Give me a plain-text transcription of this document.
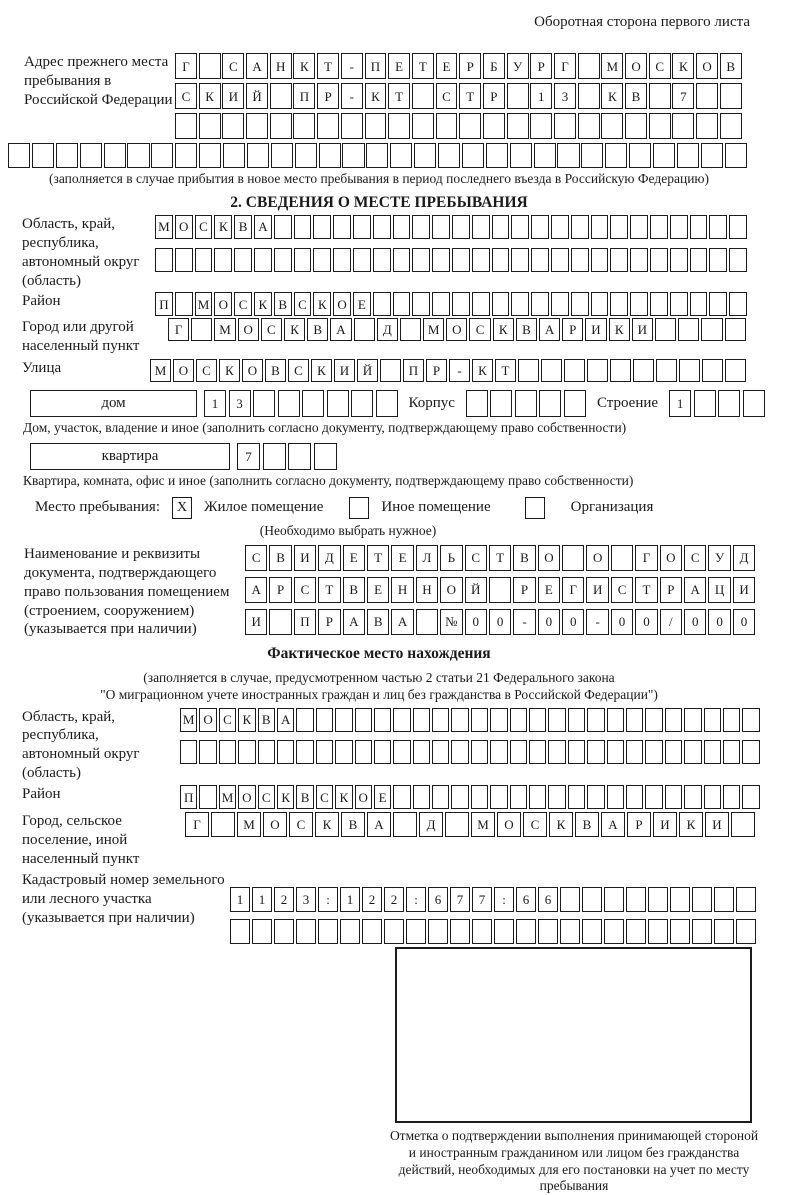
Оборотная сторона первого листа
Адрес прежнего места пребывания в Российской Федерации
Г	С	А	Н	К	Т	-	П	Е	Т	Е	Р	Б	У	Р	Г	М	О	С	К	О	В
С	К	И	Й	П	Р	-	К	Т	С	Т	Р	1	3	К	В	7
(заполняется в случае прибытия в новое место пребывания в период последнего въезда в Российскую Федерацию)
2. СВЕДЕНИЯ О МЕСТЕ ПРЕБЫВАНИЯ
Область, край, республика, автономный округ (область)
М О С К В А
Район	П	М О С К В С К О Е
Город или другой населенный пункт
Г	М О	С	К	В	А	Д	М О	С	К	В	А	Р	И	К	И
Улица	М О	С	К	О	В	С	К	И	Й	П	Р	-	К	Т
дом	1	3	Корпус	Строение	1
Дом, участок, владение и иное (заполнить согласно документу, подтверждающему право собственности)
квартира	7
Квартира, комната, офис и иное (заполнить согласно документу, подтверждающему право собственности)
Место пребывания:	X	Жилое помещение	Иное помещение	Организация
(Необходимо выбрать нужное)
Наименование и реквизиты документа, подтверждающего право пользования помещением (строением, сооружением) (указывается при наличии)
С	В	И	Д	Е	Т	Е	Л	Ь	С	Т	В	О	О	Г	О	С	У	Д
А	Р	С	Т	В	Е	Н	Н	О	Й	Р	Е	Г	И	С	Т	Р	А	Ц	И
И	П	Р	А	В	А	№	0	0	-	0	0	-	0	0	/	0	0	0
Фактическое место нахождения
(заполняется в случае, предусмотренном частью 2 статьи 21 Федерального закона
"О миграционном учете иностранных граждан и лиц без гражданства в Российской Федерации")
Область, край, республика, автономный округ (область)
М О С К В А
Район	П	М О С К В С К О Е
Город, сельское поселение, иной населенный пункт
Г	М	О	С	К	В	А	Д	М	О	С	К	В	А	Р	И	К	И
Кадастровый номер земельного или лесного участка (указывается при наличии)
1	1	2	3	:	1	2	2	:	6	7	7	:	6	6
Отметка о подтверждении выполнения принимающей стороной и иностранным гражданином или лицом без гражданства действий, необходимых для его постановки на учет по месту пребывания
